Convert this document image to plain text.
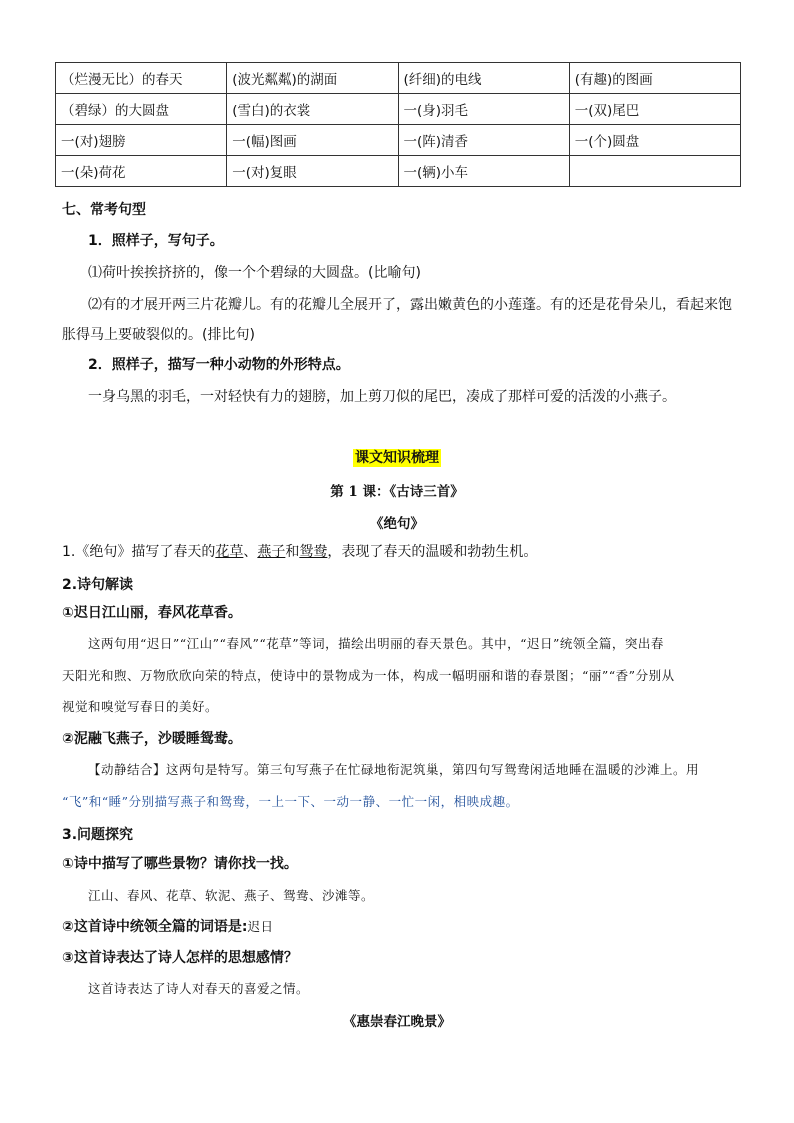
（烂漫无比）的春天	(波光粼粼)的湖面	(纤细)的电线	(有趣)的图画
（碧绿）的大圆盘	(雪白)的衣裳	一(身)羽毛	一(双)尾巴
一(对)翅膀	一(幅)图画	一(阵)清香	一(个)圆盘
一(朵)荷花	一(对)复眼	一(辆)小车	
七、常考句型
1．照样子，写句子。
⑴荷叶挨挨挤挤的，像一个个碧绿的大圆盘。(比喻句)
⑵有的才展开两三片花瓣儿。有的花瓣儿全展开了，露出嫩黄色的小莲蓬。有的还是花骨朵儿，看起来饱
胀得马上要破裂似的。(排比句)
2．照样子，描写一种小动物的外形特点。
一身乌黑的羽毛，一对轻快有力的翅膀，加上剪刀似的尾巴，凑成了那样可爱的活泼的小燕子。
课文知识梳理
第 1 课：《古诗三首》
《绝句》
1.《绝句》描写了春天的花草、燕子和鸳鸯，表现了春天的温暖和勃勃生机。
2.诗句解读
①迟日江山丽，春风花草香。
这两句用“迟日”“江山”“春风”“花草”等词，描绘出明丽的春天景色。其中，“迟日”统领全篇，突出春
天阳光和煦、万物欣欣向荣的特点，使诗中的景物成为一体，构成一幅明丽和谐的春景图；“丽”“香”分别从
视觉和嗅觉写春日的美好。
②泥融飞燕子，沙暖睡鸳鸯。
【动静结合】这两句是特写。第三句写燕子在忙碌地衔泥筑巢，第四句写鸳鸯闲适地睡在温暖的沙滩上。用
“飞”和“睡”分别描写燕子和鸳鸯，一上一下、一动一静、一忙一闲，相映成趣。
3.问题探究
①诗中描写了哪些景物？请你找一找。
江山、春风、花草、软泥、燕子、鸳鸯、沙滩等。
②这首诗中统领全篇的词语是:迟日
③这首诗表达了诗人怎样的思想感情？
这首诗表达了诗人对春天的喜爱之情。
《惠崇春江晚景》
